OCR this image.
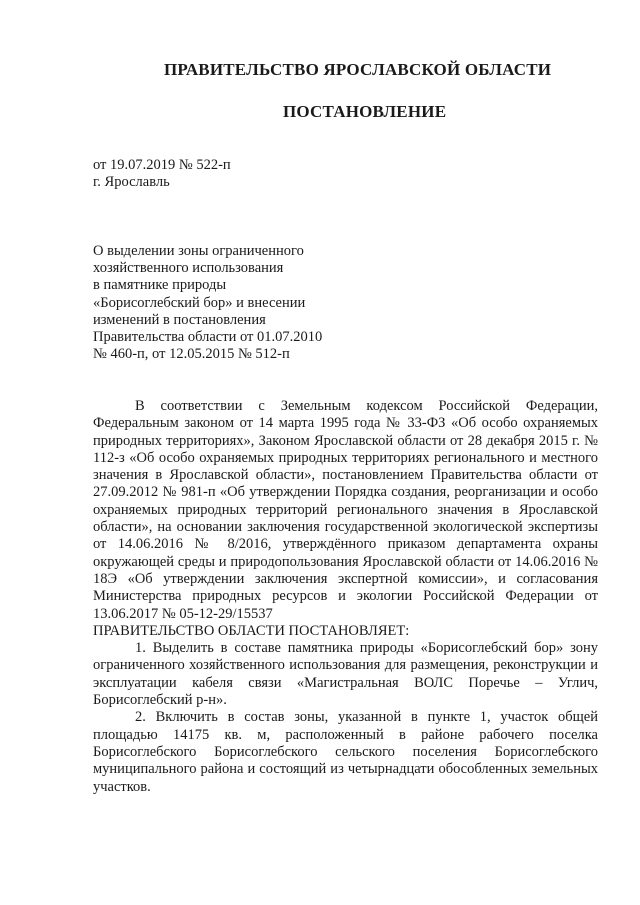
ПРАВИТЕЛЬСТВО ЯРОСЛАВСКОЙ ОБЛАСТИ
ПОСТАНОВЛЕНИЕ
от 19.07.2019 № 522-п
г. Ярославль
О выделении зоны ограниченного
хозяйственного использования
в памятнике природы
«Борисоглебский бор» и внесении
изменений в постановления
Правительства области от 01.07.2010
№ 460-п, от 12.05.2015 № 512-п

В соответствии с Земельным кодексом Российской Федерации, Федеральным законом от 14 марта 1995 года № 33-ФЗ «Об особо охраняемых природных территориях», Законом Ярославской области от 28 декабря 2015 г. № 112-з «Об особо охраняемых природных территориях регионального и местного значения в Ярославской области», постановлением Правительства области от 27.09.2012 № 981-п «Об утверждении Порядка создания, реорганизации и особо охраняемых природных территорий регионального значения в Ярославской области», на основании заключения государственной экологической экспертизы от 14.06.2016 № 8/2016, утверждённого приказом департамента охраны окружающей среды и природопользования Ярославской области от 14.06.2016 № 18Э «Об утверждении заключения экспертной комиссии», и согласования Министерства природных ресурсов и экологии Российской Федерации от 13.06.2017 № 05-12-29/15537

ПРАВИТЕЛЬСТВО ОБЛАСТИ ПОСТАНОВЛЯЕТ:

1. Выделить в составе памятника природы «Борисоглебский бор» зону ограниченного хозяйственного использования для размещения, реконструкции и эксплуатации кабеля связи «Магистральная ВОЛС Поречье – Углич, Борисоглебский р-н».

2. Включить в состав зоны, указанной в пункте 1, участок общей площадью 14175 кв. м, расположенный в районе рабочего поселка Борисоглебского Борисоглебского сельского поселения Борисоглебского муниципального района и состоящий из четырнадцати обособленных земельных участков.
